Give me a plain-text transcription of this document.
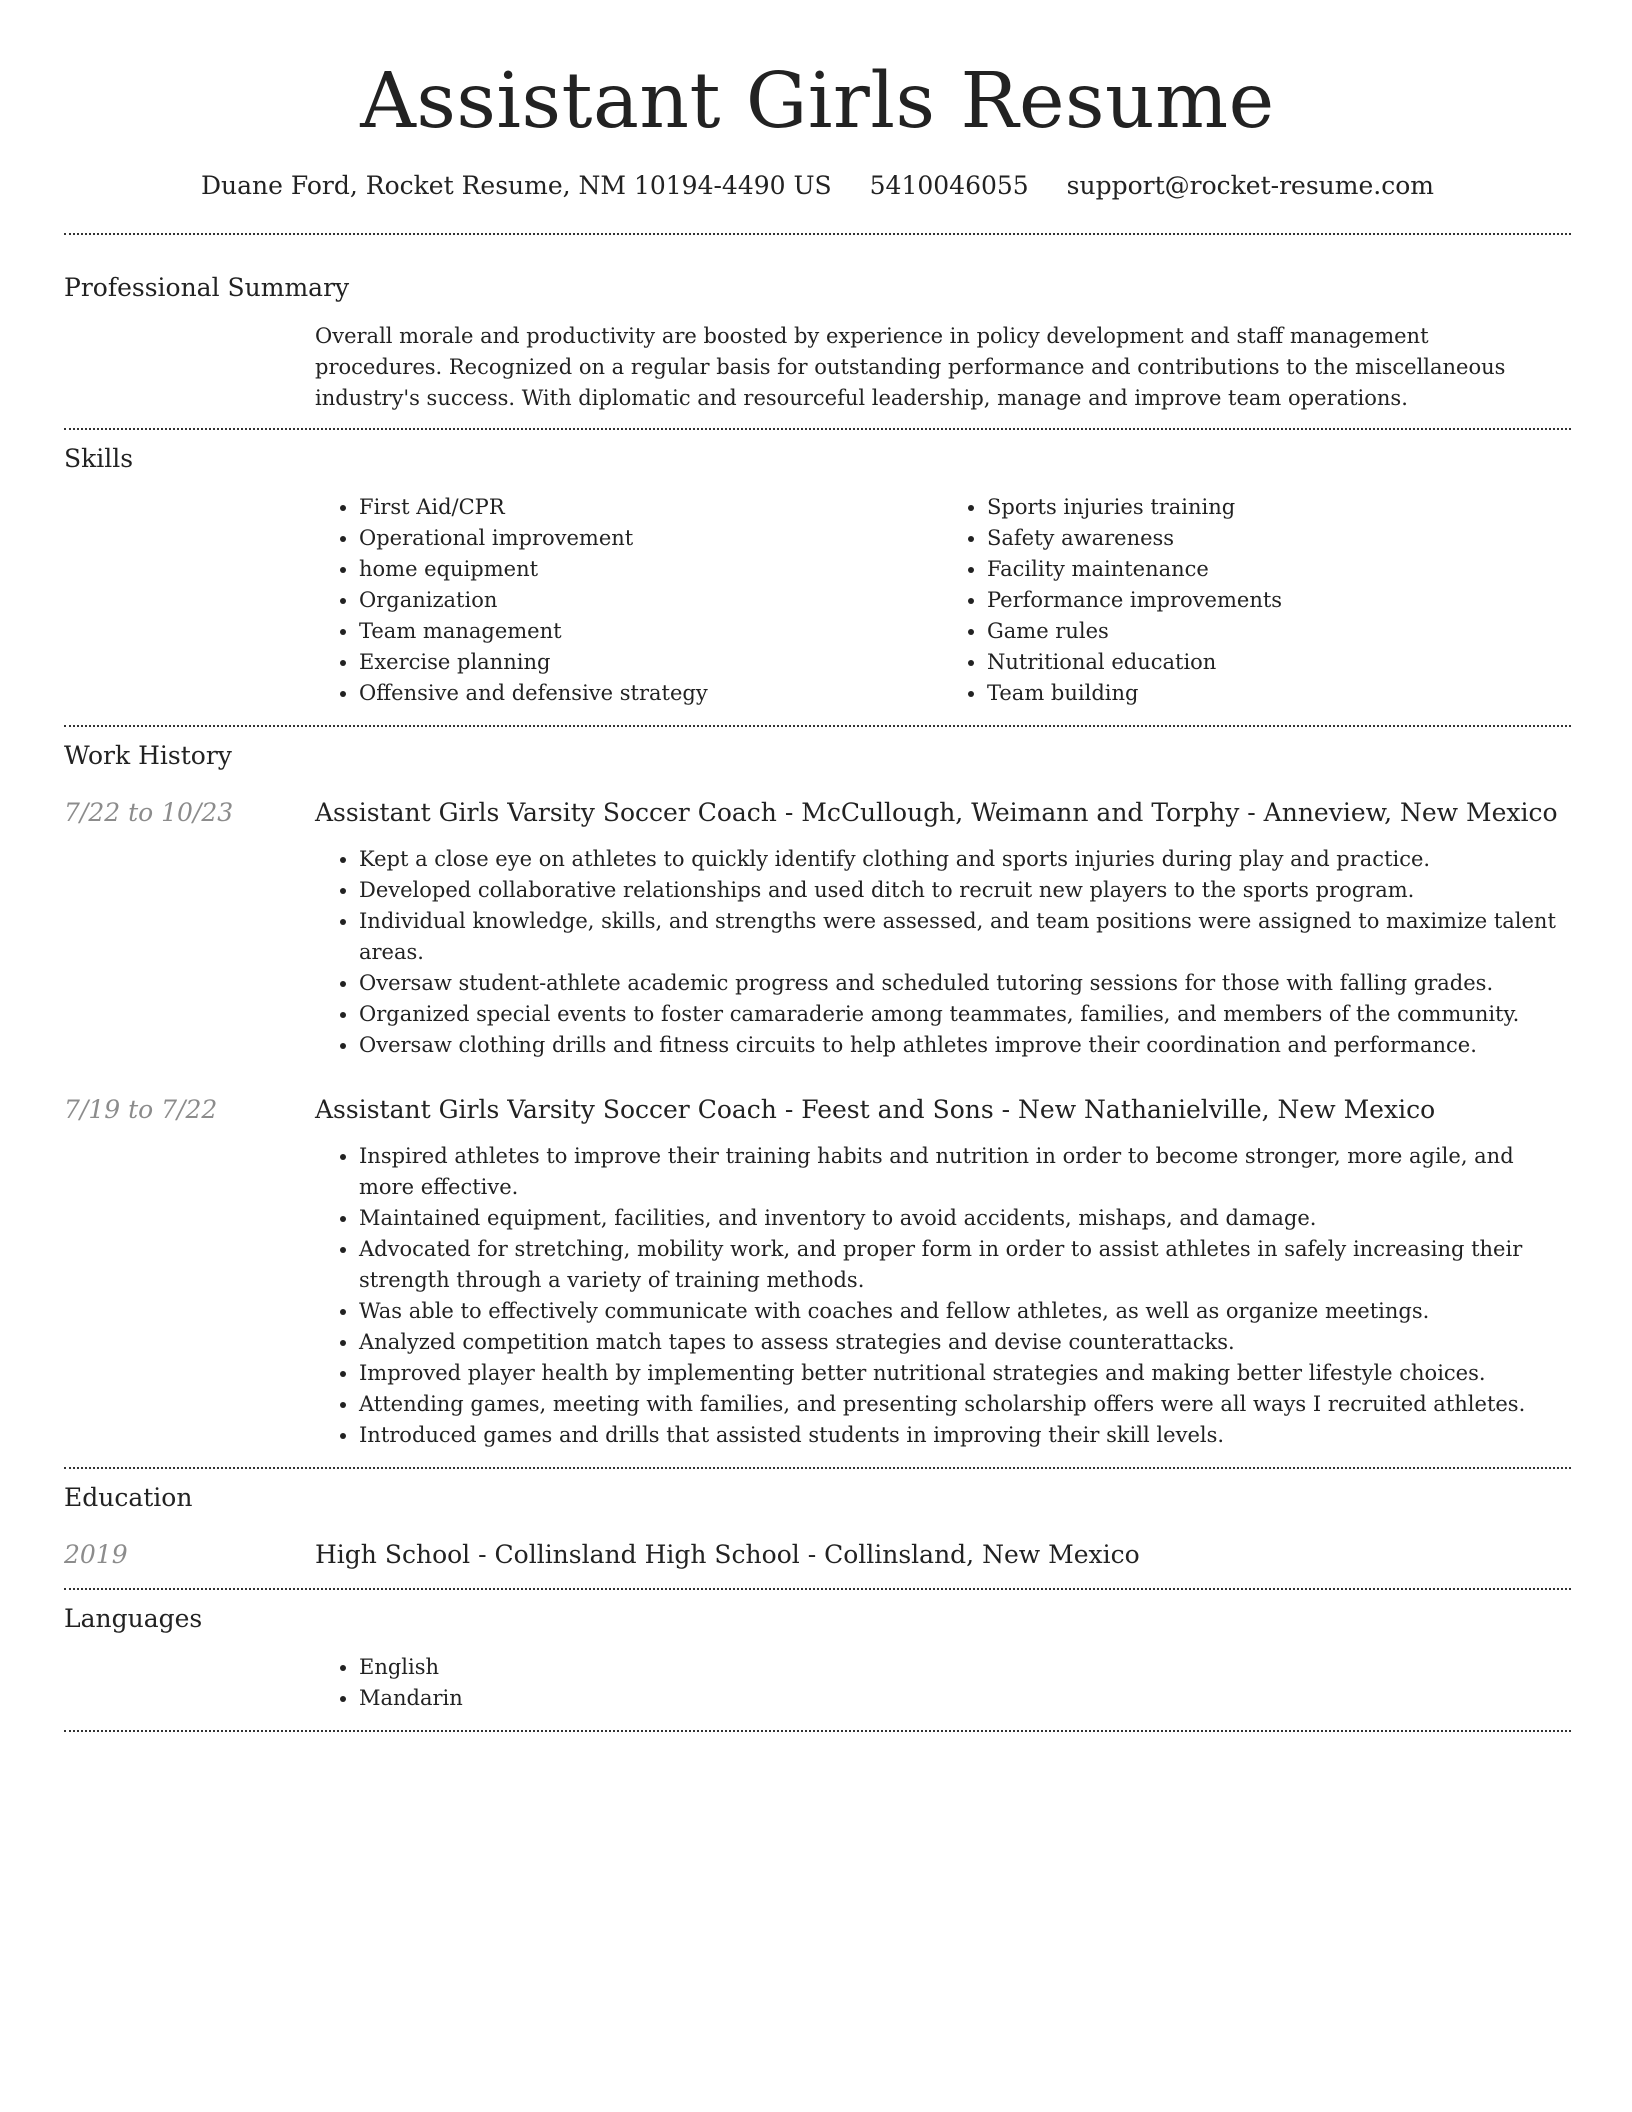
Assistant Girls Resume
Duane Ford, Rocket Resume, NM 10194-4490 US 5410046055 support@rocket-resume.com
Professional Summary
Overall morale and productivity are boosted by experience in policy development and staff management procedures. Recognized on a regular basis for outstanding performance and contributions to the miscellaneous industry's success. With diplomatic and resourceful leadership, manage and improve team operations.
Skills
• First Aid/CPR
• Operational improvement
• home equipment
• Organization
• Team management
• Exercise planning
• Offensive and defensive strategy
• Sports injuries training
• Safety awareness
• Facility maintenance
• Performance improvements
• Game rules
• Nutritional education
• Team building
Work History
7/22 to 10/23	Assistant Girls Varsity Soccer Coach - McCullough, Weimann and Torphy - Anneview, New Mexico
• Kept a close eye on athletes to quickly identify clothing and sports injuries during play and practice.
• Developed collaborative relationships and used ditch to recruit new players to the sports program.
• Individual knowledge, skills, and strengths were assessed, and team positions were assigned to maximize talent areas.
• Oversaw student-athlete academic progress and scheduled tutoring sessions for those with falling grades.
• Organized special events to foster camaraderie among teammates, families, and members of the community.
• Oversaw clothing drills and fitness circuits to help athletes improve their coordination and performance.
7/19 to 7/22	Assistant Girls Varsity Soccer Coach - Feest and Sons - New Nathanielville, New Mexico
• Inspired athletes to improve their training habits and nutrition in order to become stronger, more agile, and more effective.
• Maintained equipment, facilities, and inventory to avoid accidents, mishaps, and damage.
• Advocated for stretching, mobility work, and proper form in order to assist athletes in safely increasing their strength through a variety of training methods.
• Was able to effectively communicate with coaches and fellow athletes, as well as organize meetings.
• Analyzed competition match tapes to assess strategies and devise counterattacks.
• Improved player health by implementing better nutritional strategies and making better lifestyle choices.
• Attending games, meeting with families, and presenting scholarship offers were all ways I recruited athletes.
• Introduced games and drills that assisted students in improving their skill levels.
Education
2019	High School - Collinsland High School - Collinsland, New Mexico
Languages
• English
• Mandarin
